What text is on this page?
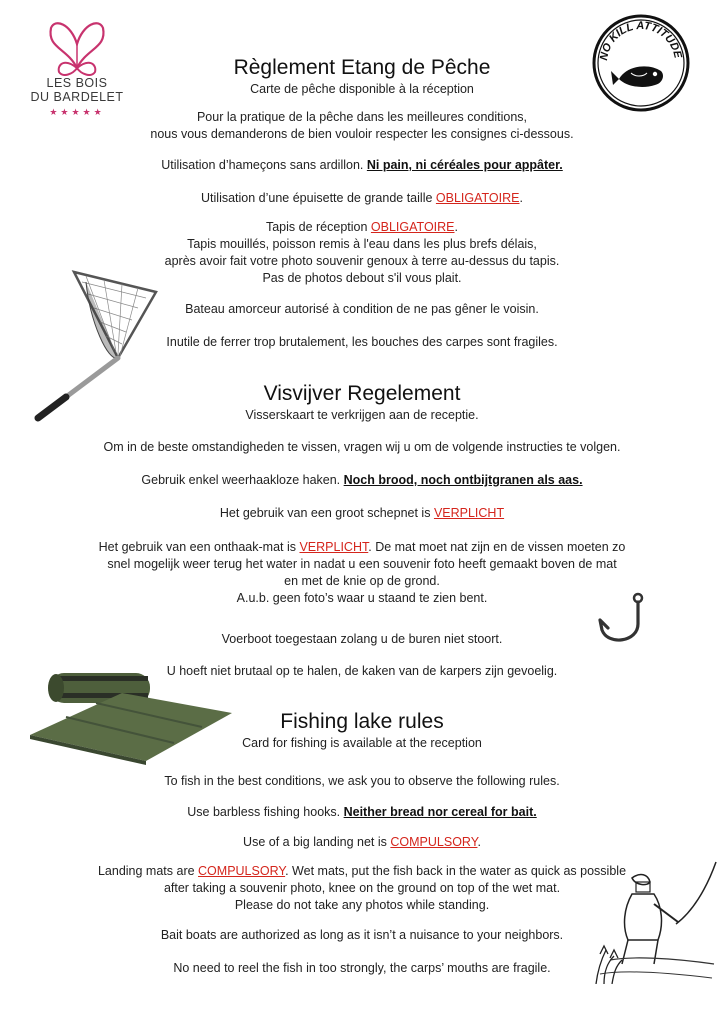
LES BOIS
DU BARDELET
★★★★★
NO KILL ATTITUDE
Règlement Etang de Pêche
Carte de pêche disponible à la réception
Pour la pratique de la pêche dans les meilleures conditions,
nous vous demanderons de bien vouloir respecter les consignes ci-dessous.
Utilisation d’hameçons sans ardillon. Ni pain, ni céréales pour appâter.
Utilisation d’une épuisette de grande taille OBLIGATOIRE.
Tapis de réception OBLIGATOIRE.
Tapis mouillés, poisson remis à l'eau dans les plus brefs délais,
après avoir fait votre photo souvenir genoux à terre au-dessus du tapis.
Pas de photos debout s'il vous plait.
Bateau amorceur autorisé à condition de ne pas gêner le voisin.
Inutile de ferrer trop brutalement, les bouches des carpes sont fragiles.
Visvijver Regelement
Visserskaart te verkrijgen aan de receptie.
Om in de beste omstandigheden te vissen, vragen wij u om de volgende instructies te volgen.
Gebruik enkel weerhaakloze haken. Noch brood, noch ontbijtgranen als aas.
Het gebruik van een groot schepnet is VERPLICHT
Het gebruik van een onthaak-mat is VERPLICHT. De mat moet nat zijn en de vissen moeten zo
snel mogelijk weer terug het water in nadat u een souvenir foto heeft gemaakt boven de mat
en met de knie op de grond.
A.u.b. geen foto’s waar u staand te zien bent.
Voerboot toegestaan zolang u de buren niet stoort.
U hoeft niet brutaal op te halen, de kaken van de karpers zijn gevoelig.
Fishing lake rules
Card for fishing is available at the reception
To fish in the best conditions, we ask you to observe the following rules.
Use barbless fishing hooks. Neither bread nor cereal for bait.
Use of a big landing net is COMPULSORY.
Landing mats are COMPULSORY. Wet mats, put the fish back in the water as quick as possible
after taking a souvenir photo, knee on the ground on top of the wet mat.
Please do not take any photos while standing.
Bait boats are authorized as long as it isn’t a nuisance to your neighbors.
No need to reel the fish in too strongly, the carps’ mouths are fragile.
